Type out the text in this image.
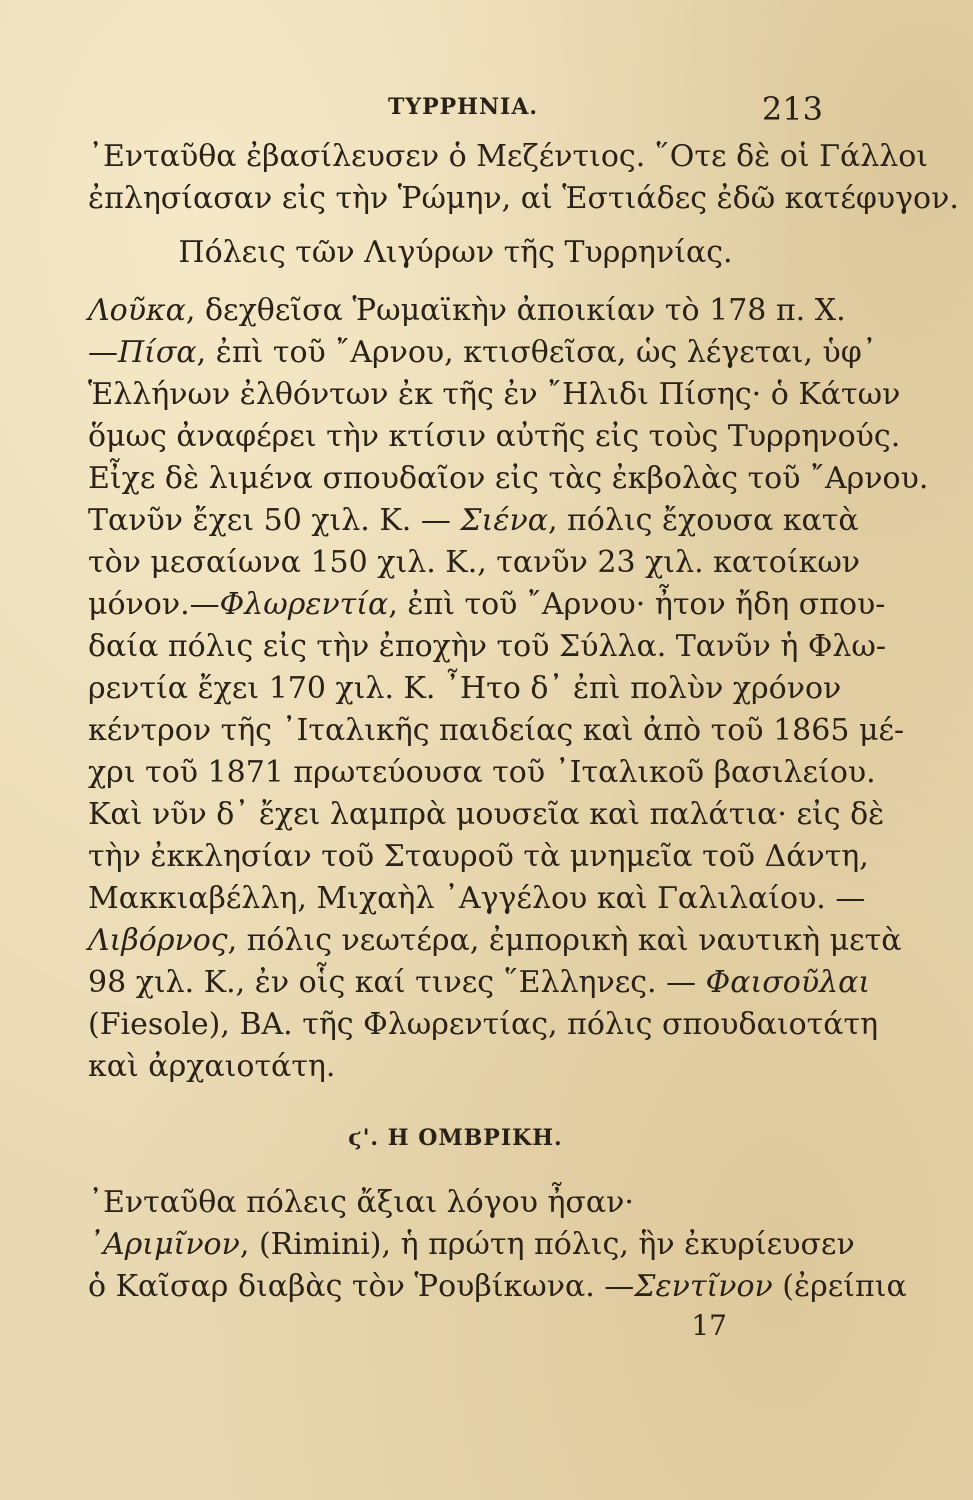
ΤΥΡΡΗΝΙΑ.	213
᾿Ενταῦθα ἐβασίλευσεν ὁ Μεζέντιος. ῞Οτε δὲ οἱ Γάλλοι
ἐπλησίασαν εἰς τὴν Ῥώμην, αἱ Ἑστιάδες ἐδῶ κατέφυγον.
Πόλεις τῶν Λιγύρων τῆς Τυρρηνίας.
Λοῦκα, δεχθεῖσα Ῥωμαϊκὴν ἀποικίαν τὸ 178 π. Χ.
—Πίσα, ἐπὶ τοῦ ῎Αρνου, κτισθεῖσα, ὡς λέγεται, ὑφ᾿
Ἑλλήνων ἐλθόντων ἐκ τῆς ἐν ῎Ηλιδι Πίσης· ὁ Κάτων
ὅμως ἀναφέρει τὴν κτίσιν αὐτῆς εἰς τοὺς Τυρρηνούς.
Εἶχε δὲ λιμένα σπουδαῖον εἰς τὰς ἐκβολὰς τοῦ ῎Αρνου.
Τανῦν ἔχει 50 χιλ. Κ. — Σιένα, πόλις ἔχουσα κατὰ
τὸν μεσαίωνα 150 χιλ. Κ., τανῦν 23 χιλ. κατοίκων
μόνον.—Φλωρεντία, ἐπὶ τοῦ ῎Αρνου· ἦτον ἤδη σπου-
δαία πόλις εἰς τὴν ἐποχὴν τοῦ Σύλλα. Τανῦν ἡ Φλω-
ρεντία ἔχει 170 χιλ. Κ. ῏Ητο δ᾿ ἐπὶ πολὺν χρόνον
κέντρον τῆς ᾿Ιταλικῆς παιδείας καὶ ἀπὸ τοῦ 1865 μέ-
χρι τοῦ 1871 πρωτεύουσα τοῦ ᾿Ιταλικοῦ βασιλείου.
Καὶ νῦν δ᾿ ἔχει λαμπρὰ μουσεῖα καὶ παλάτια· εἰς δὲ
τὴν ἐκκλησίαν τοῦ Σταυροῦ τὰ μνημεῖα τοῦ Δάντη,
Μακκιαβέλλη, Μιχαὴλ ᾿Αγγέλου καὶ Γαλιλαίου. —
Λιβόρνος, πόλις νεωτέρα, ἐμπορικὴ καὶ ναυτικὴ μετὰ
98 χιλ. Κ., ἐν οἷς καί τινες ῞Ελληνες. — Φαισοῦλαι
(Fiesole), ΒΑ. τῆς Φλωρεντίας, πόλις σπουδαιοτάτη
καὶ ἀρχαιοτάτη.
ϛ'. Η ΟΜΒΡΙΚΗ.
᾿Ενταῦθα πόλεις ἄξιαι λόγου ἦσαν·
᾿Αριμῖνον, (Rimini), ἡ πρώτη πόλις, ἣν ἐκυρίευσεν
ὁ Καῖσαρ διαβὰς τὸν Ῥουβίκωνα. —Σεντῖνον (ἐρείπια
17
